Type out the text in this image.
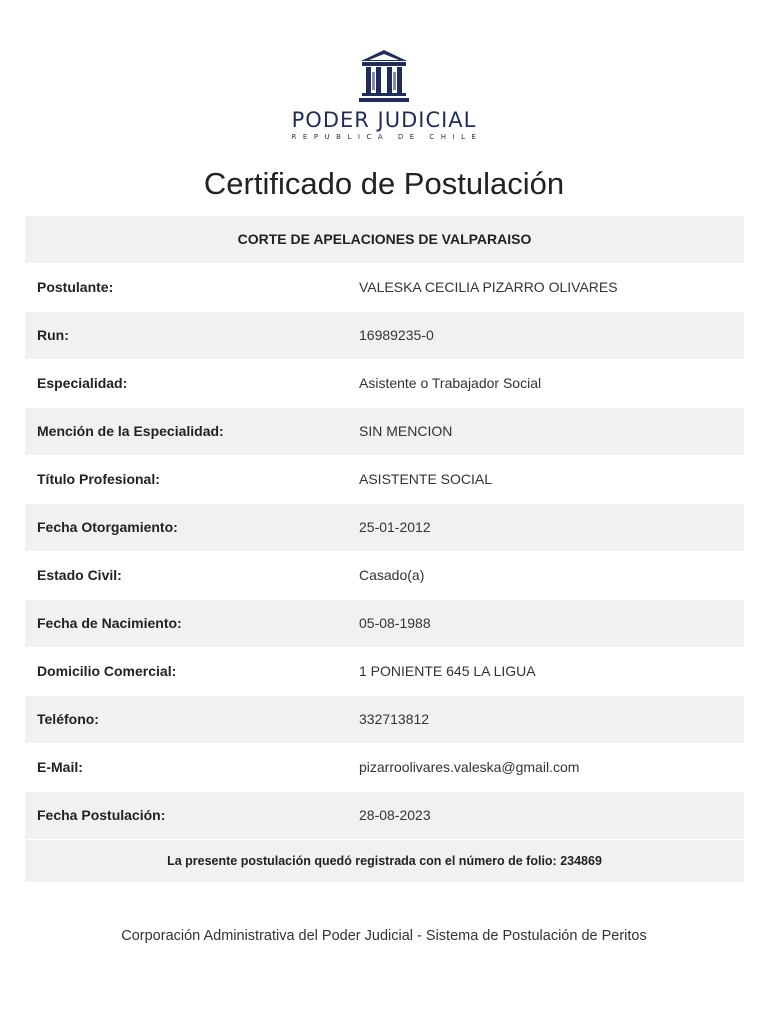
PODER JUDICIAL
REPUBLICA DE CHILE
Certificado de Postulación
CORTE DE APELACIONES DE VALPARAISO	
Postulante:	VALESKA CECILIA PIZARRO OLIVARES
Run:	16989235-0
Especialidad:	Asistente o Trabajador Social
Mención de la Especialidad:	SIN MENCION
Título Profesional:	ASISTENTE SOCIAL
Fecha Otorgamiento:	25-01-2012
Estado Civil:	Casado(a)
Fecha de Nacimiento:	05-08-1988
Domicilio Comercial:	1 PONIENTE 645 LA LIGUA
Teléfono:	332713812
E-Mail:	pizarroolivares.valeska@gmail.com
Fecha Postulación:	28-08-2023
La presente postulación quedó registrada con el número de folio: 234869	
Corporación Administrativa del Poder Judicial - Sistema de Postulación de Peritos
